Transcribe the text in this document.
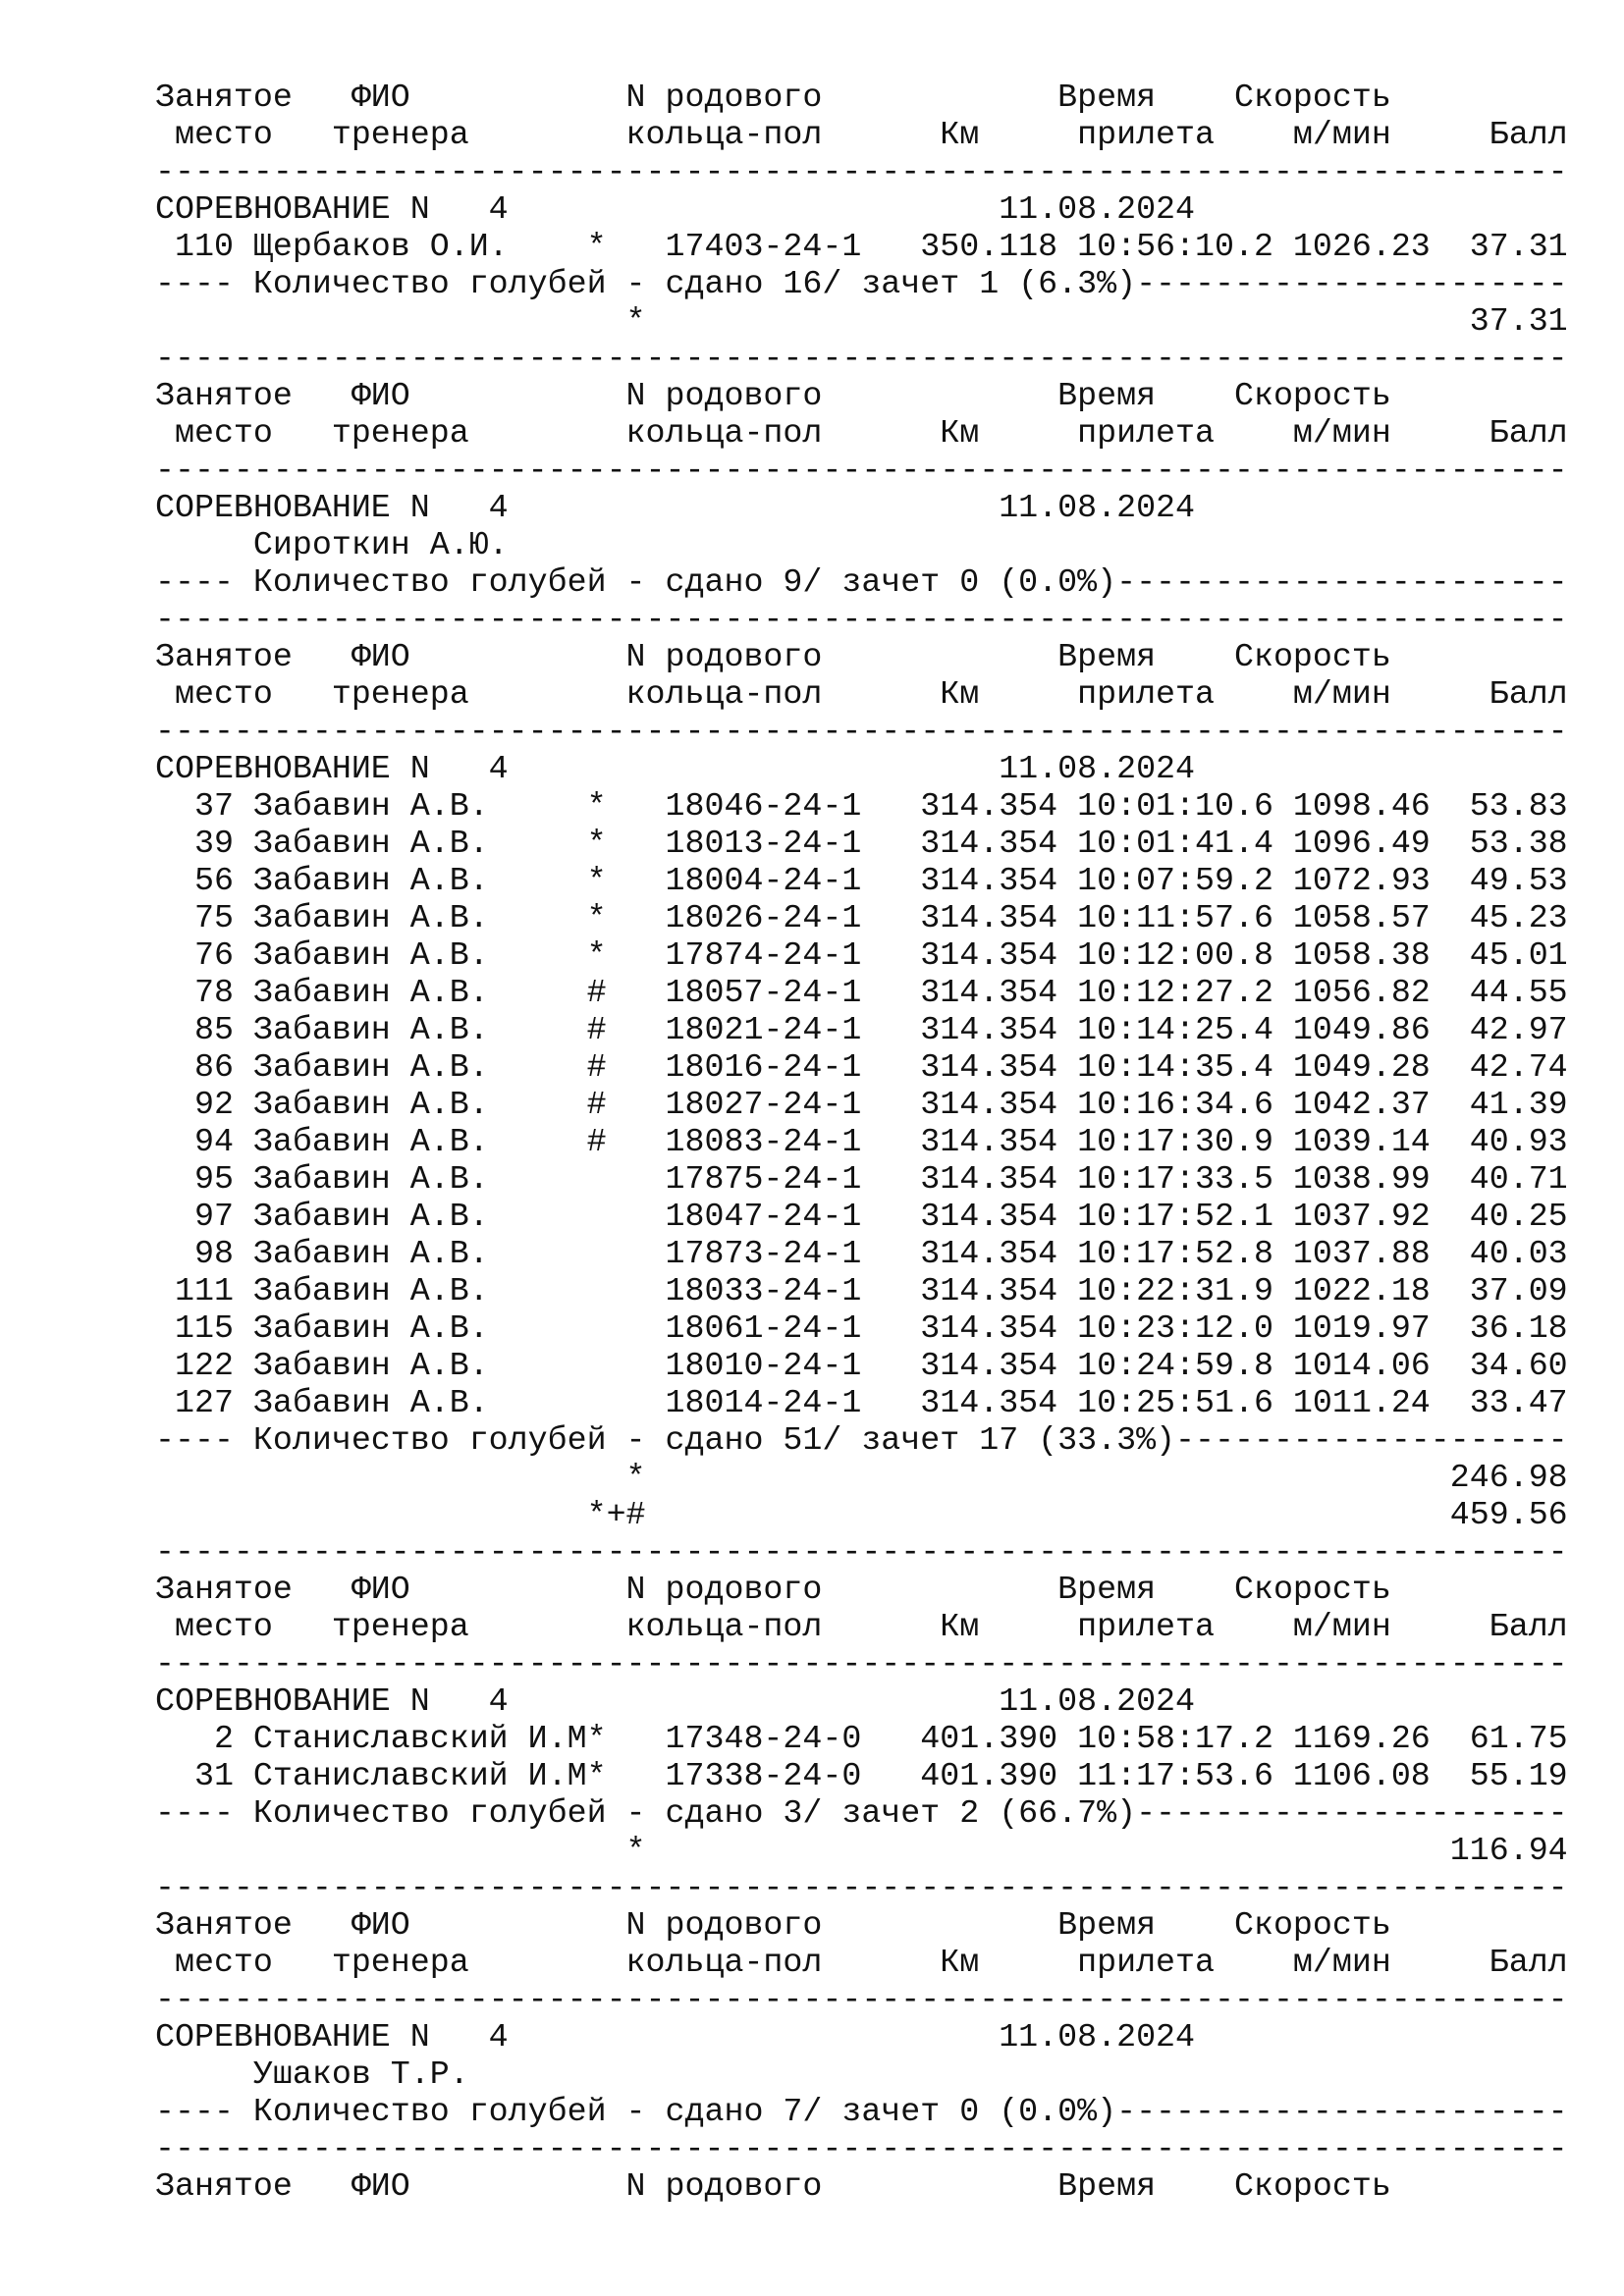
Занятое   ФИО           N родового            Время    Скорость
место   тренера        кольца-пол      Км     прилета    м/мин     Балл
------------------------------------------------------------------------
СОРЕВНОВАНИЕ N   4                         11.08.2024
110 Щербаков О.И.    *   17403-24-1   350.118 10:56:10.2 1026.23  37.31
---- Количество голубей - сдано 16/ зачет 1 (6.3%)----------------------
*                                          37.31
------------------------------------------------------------------------
Занятое   ФИО           N родового            Время    Скорость
место   тренера        кольца-пол      Км     прилета    м/мин     Балл
------------------------------------------------------------------------
СОРЕВНОВАНИЕ N   4                         11.08.2024
Сироткин А.Ю.
---- Количество голубей - сдано 9/ зачет 0 (0.0%)-----------------------
------------------------------------------------------------------------
Занятое   ФИО           N родового            Время    Скорость
место   тренера        кольца-пол      Км     прилета    м/мин     Балл
------------------------------------------------------------------------
СОРЕВНОВАНИЕ N   4                         11.08.2024
37 Забавин А.В.     *   18046-24-1   314.354 10:01:10.6 1098.46  53.83
39 Забавин А.В.     *   18013-24-1   314.354 10:01:41.4 1096.49  53.38
56 Забавин А.В.     *   18004-24-1   314.354 10:07:59.2 1072.93  49.53
75 Забавин А.В.     *   18026-24-1   314.354 10:11:57.6 1058.57  45.23
76 Забавин А.В.     *   17874-24-1   314.354 10:12:00.8 1058.38  45.01
78 Забавин А.В.     #   18057-24-1   314.354 10:12:27.2 1056.82  44.55
85 Забавин А.В.     #   18021-24-1   314.354 10:14:25.4 1049.86  42.97
86 Забавин А.В.     #   18016-24-1   314.354 10:14:35.4 1049.28  42.74
92 Забавин А.В.     #   18027-24-1   314.354 10:16:34.6 1042.37  41.39
94 Забавин А.В.     #   18083-24-1   314.354 10:17:30.9 1039.14  40.93
95 Забавин А.В.         17875-24-1   314.354 10:17:33.5 1038.99  40.71
97 Забавин А.В.         18047-24-1   314.354 10:17:52.1 1037.92  40.25
98 Забавин А.В.         17873-24-1   314.354 10:17:52.8 1037.88  40.03
111 Забавин А.В.         18033-24-1   314.354 10:22:31.9 1022.18  37.09
115 Забавин А.В.         18061-24-1   314.354 10:23:12.0 1019.97  36.18
122 Забавин А.В.         18010-24-1   314.354 10:24:59.8 1014.06  34.60
127 Забавин А.В.         18014-24-1   314.354 10:25:51.6 1011.24  33.47
---- Количество голубей - сдано 51/ зачет 17 (33.3%)--------------------
*                                         246.98
*+#                                         459.56
------------------------------------------------------------------------
Занятое   ФИО           N родового            Время    Скорость
место   тренера        кольца-пол      Км     прилета    м/мин     Балл
------------------------------------------------------------------------
СОРЕВНОВАНИЕ N   4                         11.08.2024
2 Станиславский И.М*   17348-24-0   401.390 10:58:17.2 1169.26  61.75
31 Станиславский И.М*   17338-24-0   401.390 11:17:53.6 1106.08  55.19
---- Количество голубей - сдано 3/ зачет 2 (66.7%)----------------------
*                                         116.94
------------------------------------------------------------------------
Занятое   ФИО           N родового            Время    Скорость
место   тренера        кольца-пол      Км     прилета    м/мин     Балл
------------------------------------------------------------------------
СОРЕВНОВАНИЕ N   4                         11.08.2024
Ушаков Т.Р.
---- Количество голубей - сдано 7/ зачет 0 (0.0%)-----------------------
------------------------------------------------------------------------
Занятое   ФИО           N родового            Время    Скорость
